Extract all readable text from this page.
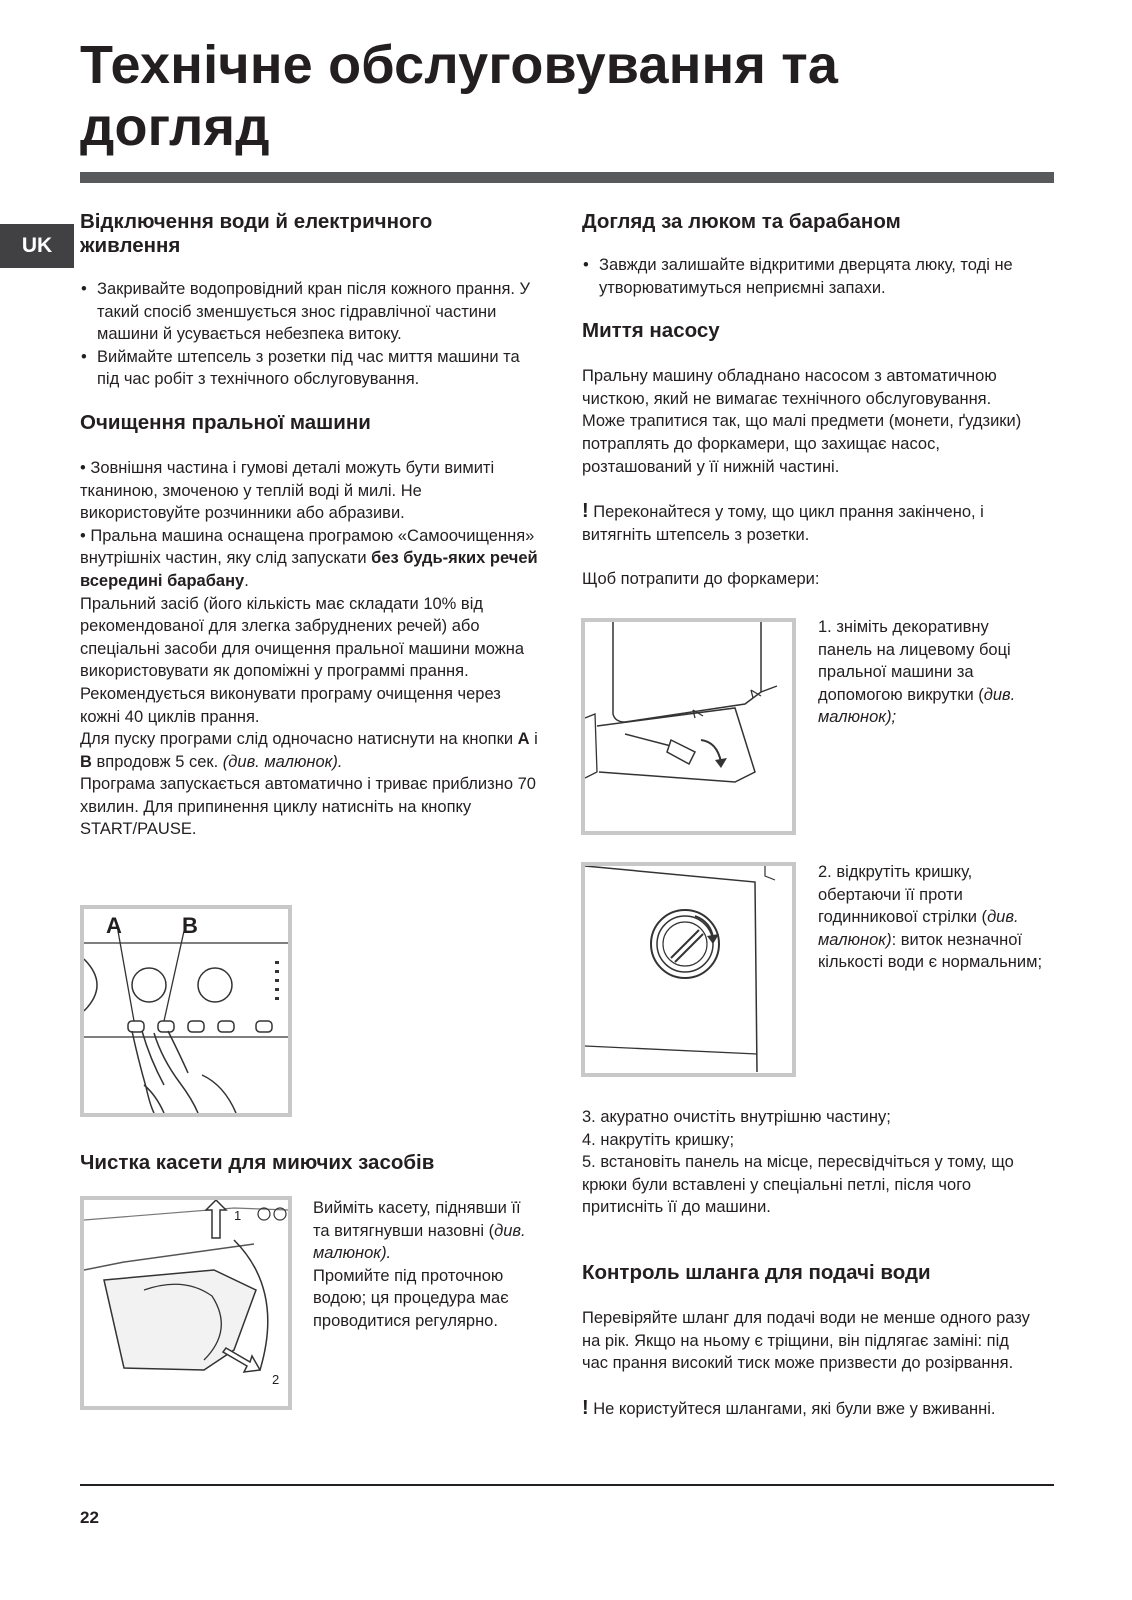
Технічне обслуговування та догляд
UK
Відключення води й електричного живлення
• Закривайте водопровідний кран після кожного прання. У такий спосіб зменшується знос гідравлічної частини машини й усувається небезпека витоку.
• Виймайте штепсель з розетки під час миття машини та під час робіт з технічного обслуговування.
Очищення пральної машини

• Зовнішня частина і гумові деталі можуть бути вимиті тканиною, змоченою у теплій воді й милі. Не використовуйте розчинники або абразиви.

• Пральна машина оснащена програмою «Самоочищення» внутрішніх частин, яку слід запускати без будь-яких речей всередині барабану.

Пральний засіб (його кількість має складати 10% від рекомендованої для злегка забруднених речей) або спеціальні засоби для очищення пральної машини можна використовувати як допоміжні у программі прання. Рекомендується виконувати програму очищення через кожні 40 циклів прання.

Для пуску програми слід одночасно натиснути на кнопки A і B впродовж 5 сек. (див. малюнок).

Програма запускається автоматично і триває приблизно 70 хвилин. Для припинення циклу натисніть на кнопку START/PAUSE.

A	B
Чистка касети для миючих засобів
1
2
Вийміть касету, піднявши її та витягнувши назовні (див. малюнок).
Промийте під проточною водою; ця процедура має проводитися регулярно.
Догляд за люком та барабаном
• Завжди залишайте відкритими дверцята люку, тоді не утворюватимуться неприємні запахи.
Миття насосу

Пральну машину обладнано насосом з автоматичною чисткою, який не вимагає технічного обслуговування. Може трапитися так, що малі предмети (монети, ґудзики) потраплять до форкамери, що захищає насос, розташований у її нижній частині.

! Переконайтеся у тому, що цикл прання закінчено, і витягніть штепсель з розетки.

Щоб потрапити до форкамери:

1. зніміть декоративну панель на лицевому боці пральної машини за допомогою викрутки (див. малюнок);
2. відкрутіть кришку, обертаючи її проти годинникової стрілки (див. малюнок): виток незначної кількості води є нормальним;

3. акуратно очистіть внутрішню частину;

4. накрутіть кришку;

5. встановіть панель на місце, пересвідчіться у тому, що крюки були вставлені у спеціальні петлі, після чого притисніть її до машини.

Контроль шланга для подачі води

Перевіряйте шланг для подачі води не менше одного разу на рік. Якщо на ньому є тріщини, він підлягає заміні: під час прання високий тиск може призвести до розірвання.

! Не користуйтеся шлангами, які були вже у вживанні.

22
